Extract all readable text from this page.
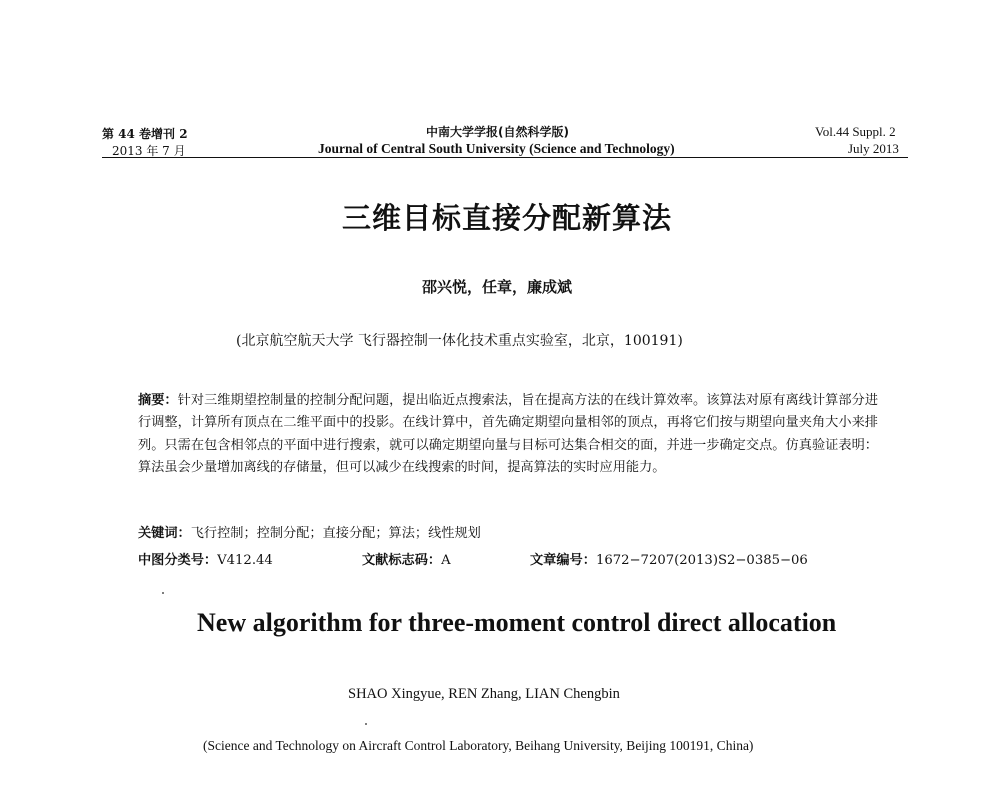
第 44 卷增刊 2
2013 年 7 月
中南大学学报(自然科学版)
Journal of Central South University (Science and Technology)
Vol.44 Suppl. 2
July 2013
三维目标直接分配新算法
邵兴悦，任章，廉成斌
(北京航空航天大学 飞行器控制一体化技术重点实验室，北京，100191)
摘要：针对三维期望控制量的控制分配问题，提出临近点搜索法，旨在提高方法的在线计算效率。该算法对原有离线计算部分进行调整，计算所有顶点在二维平面中的投影。在线计算中，首先确定期望向量相邻的顶点，再将它们按与期望向量夹角大小来排列。只需在包含相邻点的平面中进行搜索，就可以确定期望向量与目标可达集合相交的面，并进一步确定交点。仿真验证表明：算法虽会少量增加离线的存储量，但可以减少在线搜索的时间，提高算法的实时应用能力。
关键词：飞行控制；控制分配；直接分配；算法；线性规划
中图分类号：V412.44	文献标志码：A	文章编号：1672−7207(2013)S2−0385−06
New algorithm for three-moment control direct allocation
SHAO Xingyue, REN Zhang, LIAN Chengbin
(Science and Technology on Aircraft Control Laboratory, Beihang University, Beijing 100191, China)
